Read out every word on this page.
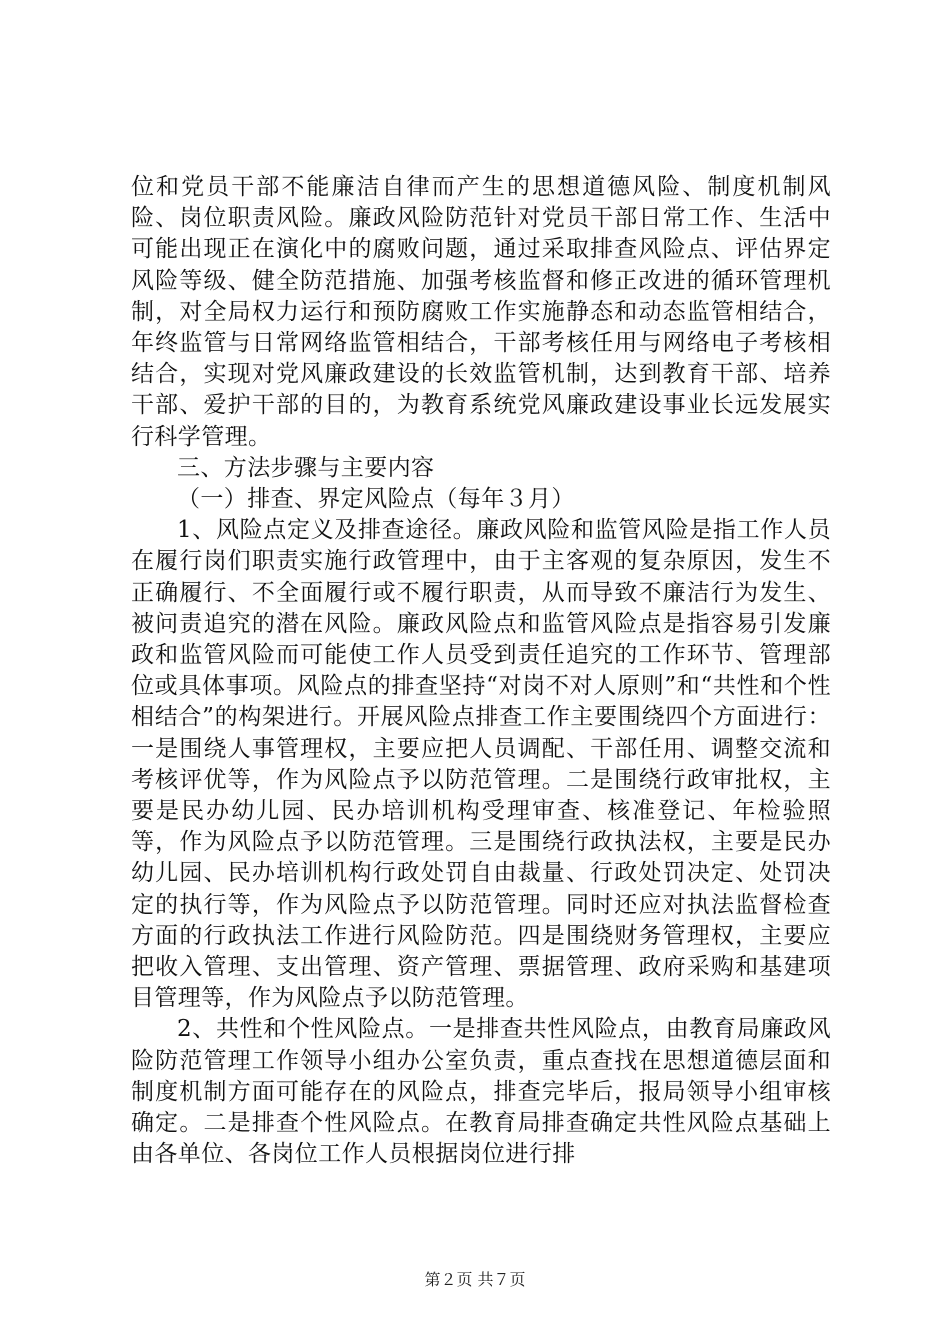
位和党员干部不能廉洁自律而产生的思想道德风险、制度机制风险、岗位职责风险。廉政风险防范针对党员干部日常工作、生活中可能出现正在演化中的腐败问题，通过采取排查风险点、评估界定风险等级、健全防范措施、加强考核监督和修正改进的循环管理机制，对全局权力运行和预防腐败工作实施静态和动态监管相结合，年终监管与日常网络监管相结合，干部考核任用与网络电子考核相结合，实现对党风廉政建设的长效监管机制，达到教育干部、培养干部、爱护干部的目的，为教育系统党风廉政建设事业长远发展实行科学管理。

三、方法步骤与主要内容

（一）排查、界定风险点（每年３月）

1、风险点定义及排查途径。廉政风险和监管风险是指工作人员在履行岗们职责实施行政管理中，由于主客观的复杂原因，发生不正确履行、不全面履行或不履行职责，从而导致不廉洁行为发生、被问责追究的潜在风险。廉政风险点和监管风险点是指容易引发廉政和监管风险而可能使工作人员受到责任追究的工作环节、管理部位或具体事项。风险点的排查坚持“对岗不对人原则”和“共性和个性相结合”的构架进行。开展风险点排查工作主要围绕四个方面进行：一是围绕人事管理权，主要应把人员调配、干部任用、调整交流和考核评优等，作为风险点予以防范管理。二是围绕行政审批权，主要是民办幼儿园、民办培训机构受理审查、核准登记、年检验照等，作为风险点予以防范管理。三是围绕行政执法权，主要是民办幼儿园、民办培训机构行政处罚自由裁量、行政处罚决定、处罚决定的执行等，作为风险点予以防范管理。同时还应对执法监督检查方面的行政执法工作进行风险防范。四是围绕财务管理权，主要应把收入管理、支出管理、资产管理、票据管理、政府采购和基建项目管理等，作为风险点予以防范管理。

2、共性和个性风险点。一是排查共性风险点，由教育局廉政风险防范管理工作领导小组办公室负责，重点查找在思想道德层面和制度机制方面可能存在的风险点，排查完毕后，报局领导小组审核确定。二是排查个性风险点。在教育局排查确定共性风险点基础上由各单位、各岗位工作人员根据岗位进行排

第２页 共７页
